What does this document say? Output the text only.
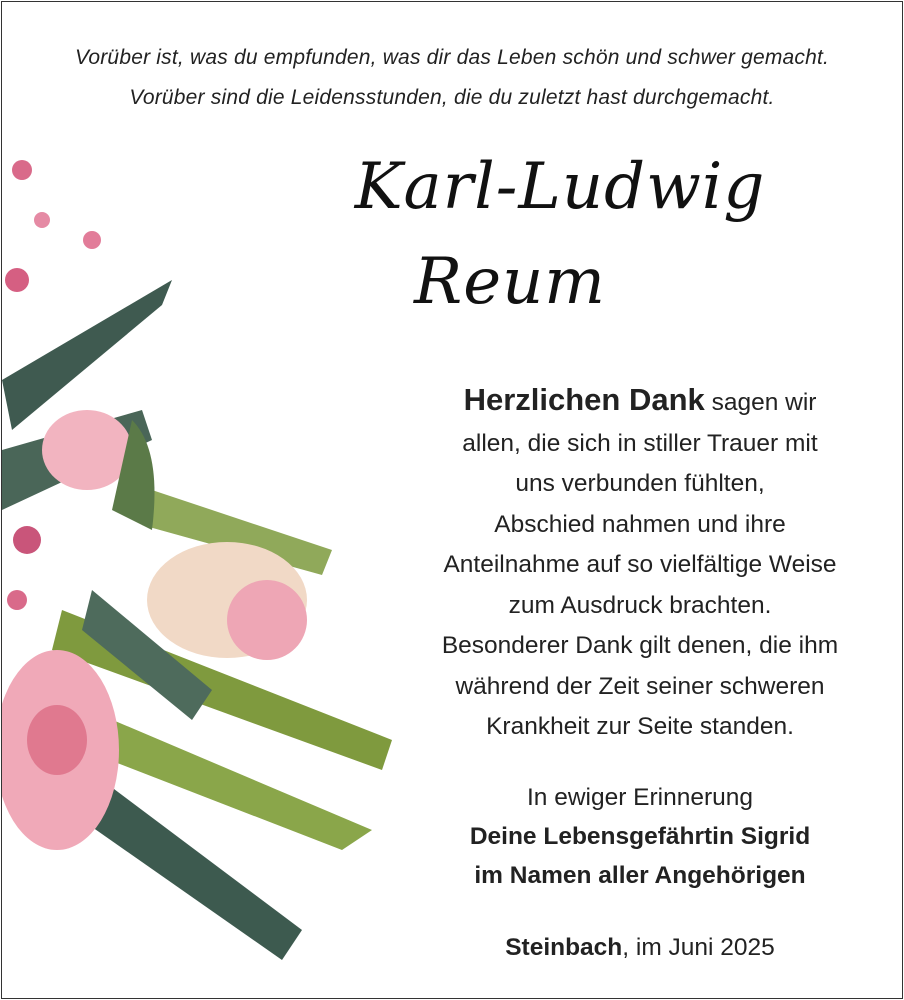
Vorüber ist, was du empfunden, was dir das Leben schön und schwer gemacht.
Vorüber sind die Leidensstunden, die du zuletzt hast durchgemacht.
Karl-Ludwig
Reum
Herzlichen Dank sagen wir
allen, die sich in stiller Trauer mit
uns verbunden fühlten,
Abschied nahmen und ihre
Anteilnahme auf so vielfältige Weise
zum Ausdruck brachten.
Besonderer Dank gilt denen, die ihm
während der Zeit seiner schweren
Krankheit zur Seite standen.
In ewiger Erinnerung
Deine Lebensgefährtin Sigrid
im Namen aller Angehörigen
Steinbach, im Juni 2025
